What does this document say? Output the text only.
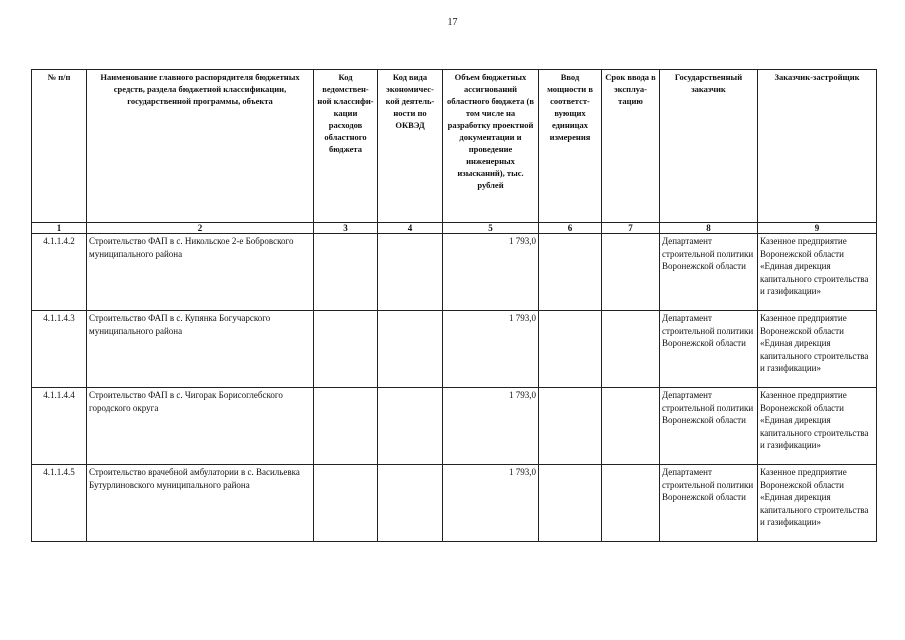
17
№ п/п	Наименование главного распорядителя бюджетных средств, раздела бюджетной классификации, государственной программы, объекта	Код ведомствен-ной классифи-кации расходов областного бюджета	Код вида экономичес-кой деятель-ности по ОКВЭД	Объем бюджетных ассигнований областного бюджета (в том числе на разработку проектной документации и проведение инженерных изысканий), тыс. рублей	Ввод мощности в соответст-вующих единицах измерения	Срок ввода в эксплуа-тацию	Государственный заказчик	Заказчик-застройщик
1	2	3	4	5	6	7	8	9
4.1.1.4.2	Строительство ФАП в с. Никольское 2-е Бобровского муниципального района			1 793,0			Департамент строительной политики Воронежской области	Казенное предприятие Воронежской области «Единая дирекция капитального строительства и газификации»
4.1.1.4.3	Строительство ФАП в с. Купянка Богучарского муниципального района			1 793,0			Департамент строительной политики Воронежской области	Казенное предприятие Воронежской области «Единая дирекция капитального строительства и газификации»
4.1.1.4.4	Строительство ФАП в с. Чигорак Борисоглебского городского округа			1 793,0			Департамент строительной политики Воронежской области	Казенное предприятие Воронежской области «Единая дирекция капитального строительства и газификации»
4.1.1.4.5	Строительство врачебной амбулатории в с. Васильевка Бутурлиновского муниципального района			1 793,0			Департамент строительной политики Воронежской области	Казенное предприятие Воронежской области «Единая дирекция капитального строительства и газификации»
